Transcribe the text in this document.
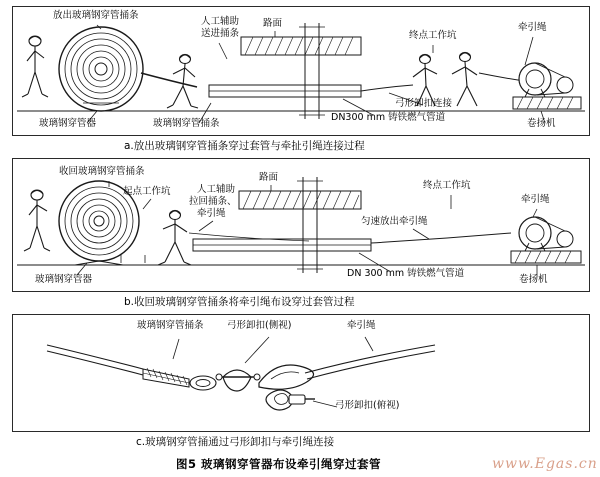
放出玻璃钢穿管捅条
人工辅助
送进捅条
路面
终点工作坑
牵引绳
玻璃钢穿管器	玻璃钢穿管捅条
弓形卸扣连接
DN300 mm 铸铁燃气管道
卷扬机
a.放出玻璃钢穿管捅条穿过套管与牵扯引绳连接过程
收回玻璃钢穿管捅条
起点工作坑	人工辅助
拉回捅条、
牵引绳
路面
终点工作坑
牵引绳
匀速放出牵引绳
玻璃钢穿管器
DN 300 mm 铸铁燃气管道
卷扬机
b.收回玻璃钢穿管捅条将牵引绳布设穿过套管过程
玻璃钢穿管捅条 弓形卸扣(侧视)	牵引绳
弓形卸扣(俯视)
c.玻璃钢穿管捅通过弓形卸扣与牵引绳连接
图5 玻璃钢穿管器布设牵引绳穿过套管	www.Egas.cn
